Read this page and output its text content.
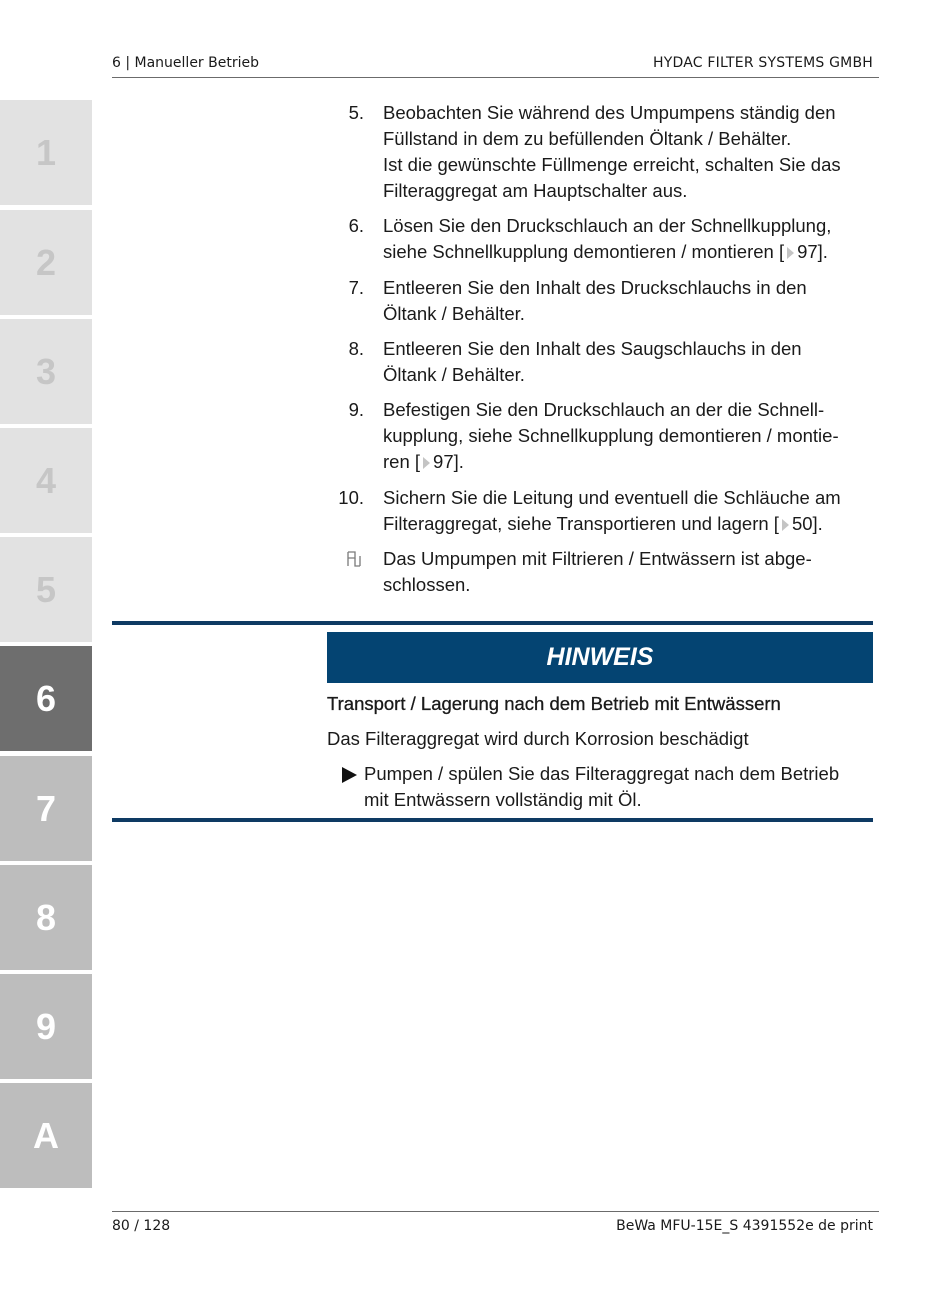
6 | Manueller Betrieb	HYDAC FILTER SYSTEMS GMBH
1
2
3
4
5
6
7
8
9
A
5. Beobachten Sie während des Umpumpens ständig den
Füllstand in dem zu befüllenden Öltank / Behälter.
Ist die gewünschte Füllmenge erreicht, schalten Sie das
Filteraggregat am Hauptschalter aus.
6. Lösen Sie den Druckschlauch an der Schnellkupplung,
siehe Schnellkupplung demontieren / montieren [ 97].
7. Entleeren Sie den Inhalt des Druckschlauchs in den
Öltank / Behälter.
8. Entleeren Sie den Inhalt des Saugschlauchs in den
Öltank / Behälter.
9. Befestigen Sie den Druckschlauch an der die Schnell-
kupplung, siehe Schnellkupplung demontieren / montie-
ren [ 97].
10. Sichern Sie die Leitung und eventuell die Schläuche am
Filteraggregat, siehe Transportieren und lagern [ 50].
Das Umpumpen mit Filtrieren / Entwässern ist abge-
schlossen.
HINWEIS
Transport / Lagerung nach dem Betrieb mit Entwässern
Das Filteraggregat wird durch Korrosion beschädigt
Pumpen / spülen Sie das Filteraggregat nach dem Betrieb
mit Entwässern vollständig mit Öl.
80 / 128	BeWa MFU-15E_S 4391552e de print
